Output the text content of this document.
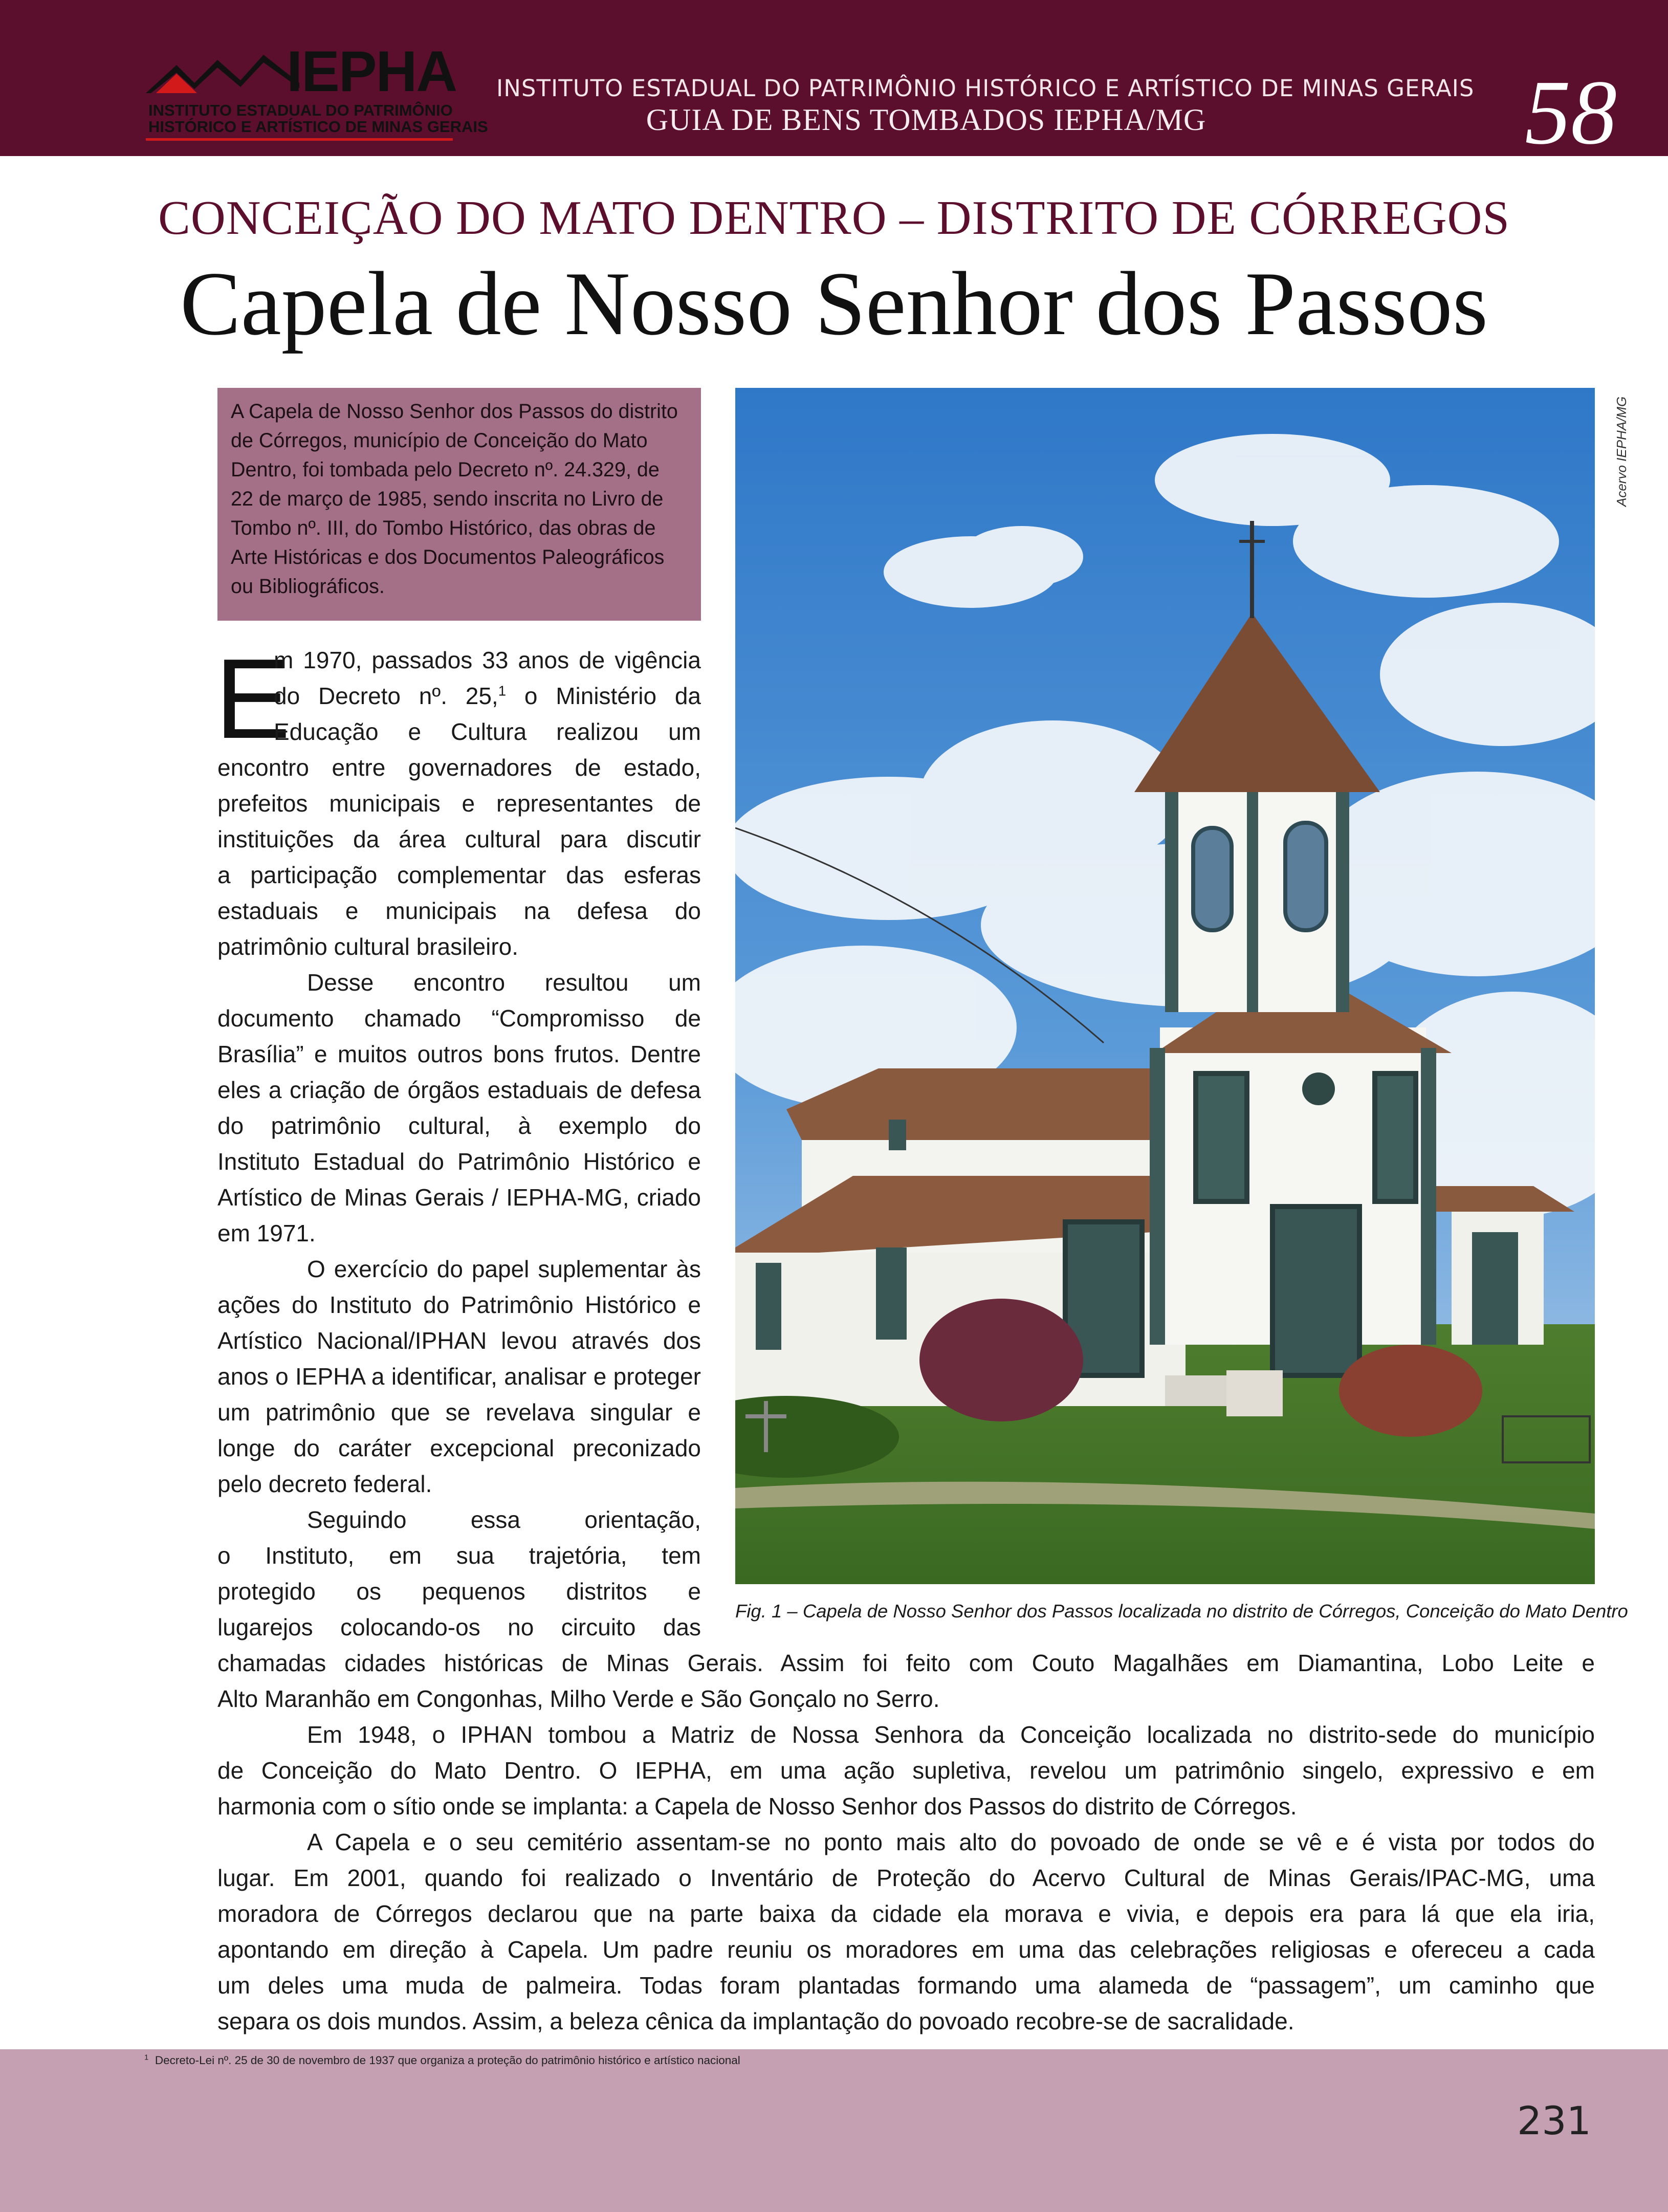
IEPHA
INSTITUTO ESTADUAL DO PATRIMÔNIO
HISTÓRICO E ARTÍSTICO DE MINAS GERAIS
INSTITUTO ESTADUAL DO PATRIMÔNIO HISTÓRICO E ARTÍSTICO DE MINAS GERAIS
GUIA DE BENS TOMBADOS IEPHA/MG	58
CONCEIÇÃO DO MATO DENTRO – DISTRITO DE CÓRREGOS
Capela de Nosso Senhor dos Passos

A Capela de Nosso Senhor dos Passos do distrito

de Córregos, município de Conceição do Mato

Dentro, foi tombada pelo Decreto nº. 24.329, de

22 de março de 1985, sendo inscrita no Livro de

Tombo nº. III, do Tombo Histórico, das obras de

Arte Históricas e dos Documentos Paleográficos

ou Bibliográficos.

E
m 1970, passados 33 anos de vigência
do Decreto nº. 25,$^1$ o Ministério da
Educação e Cultura realizou um
encontro entre governadores de estado,
prefeitos municipais e representantes de
instituições da área cultural para discutir
a participação complementar das esferas
estaduais e municipais na defesa do
patrimônio cultural brasileiro.
Desse encontro resultou um
documento chamado “Compromisso de
Brasília” e muitos outros bons frutos. Dentre
eles a criação de órgãos estaduais de defesa
do patrimônio cultural, à exemplo do
Instituto Estadual do Patrimônio Histórico e
Artístico de Minas Gerais / IEPHA-MG, criado
em 1971.
O exercício do papel suplementar às
ações do Instituto do Patrimônio Histórico e
Artístico Nacional/IPHAN levou através dos
anos o IEPHA a identificar, analisar e proteger
um patrimônio que se revelava singular e
longe do caráter excepcional preconizado
pelo decreto federal.
Seguindo essa orientação,
o Instituto, em sua trajetória, tem
protegido os pequenos distritos e
lugarejos colocando-os no circuito das
chamadas cidades históricas de Minas Gerais. Assim foi feito com Couto Magalhães em Diamantina, Lobo Leite e
Alto Maranhão em Congonhas, Milho Verde e São Gonçalo no Serro.
Em 1948, o IPHAN tombou a Matriz de Nossa Senhora da Conceição localizada no distrito-sede do município
de Conceição do Mato Dentro. O IEPHA, em uma ação supletiva, revelou um patrimônio singelo, expressivo e em
harmonia com o sítio onde se implanta: a Capela de Nosso Senhor dos Passos do distrito de Córregos.
A Capela e o seu cemitério assentam-se no ponto mais alto do povoado de onde se vê e é vista por todos do
lugar. Em 2001, quando foi realizado o Inventário de Proteção do Acervo Cultural de Minas Gerais/IPAC-MG, uma
moradora de Córregos declarou que na parte baixa da cidade ela morava e vivia, e depois era para lá que ela iria,
apontando em direção à Capela. Um padre reuniu os moradores em uma das celebrações religiosas e ofereceu a cada
um deles uma muda de palmeira. Todas foram plantadas formando uma alameda de “passagem”, um caminho que
separa os dois mundos. Assim, a beleza cênica da implantação do povoado recobre-se de sacralidade.
Acervo IEPHA/MG
Fig. 1 – Capela de Nosso Senhor dos Passos localizada no distrito de Córregos, Conceição do Mato Dentro
$^1$ Decreto-Lei nº. 25 de 30 de novembro de 1937 que organiza a proteção do patrimônio histórico e artístico nacional
231
